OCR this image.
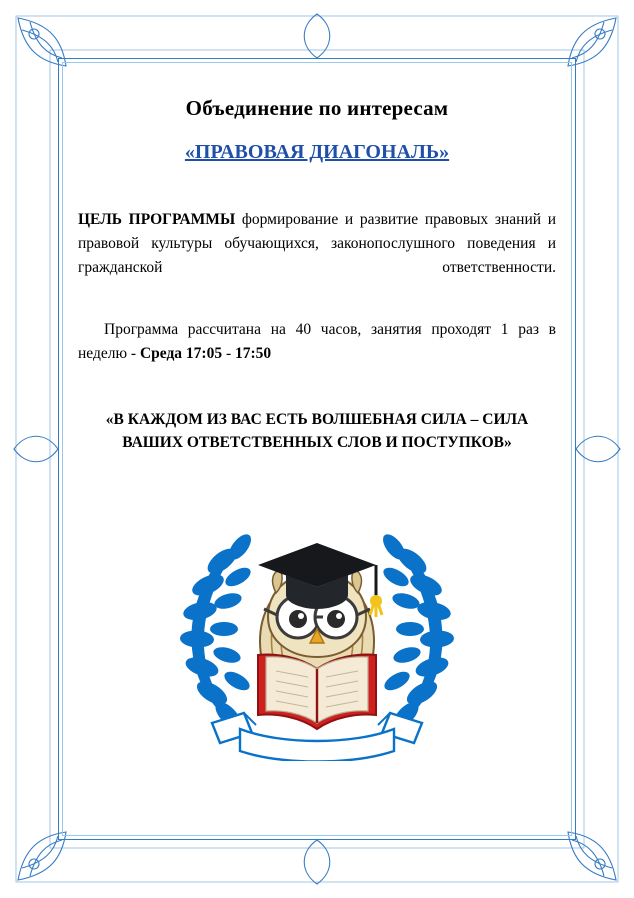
Объединение по интересам
«ПРАВОВАЯ ДИАГОНАЛЬ»

ЦЕЛЬ ПРОГРАММЫ формирование и развитие правовых знаний и правовой культуры обучающихся, законопослушного поведения и гражданской ответственности.

Программа рассчитана на 40 часов, занятия проходят 1 раз в неделю - Среда 17:05 - 17:50

«В КАЖДОМ ИЗ ВАС ЕСТЬ ВОЛШЕБНАЯ СИЛА – СИЛА ВАШИХ ОТВЕТСТВЕННЫХ СЛОВ И ПОСТУПКОВ»
